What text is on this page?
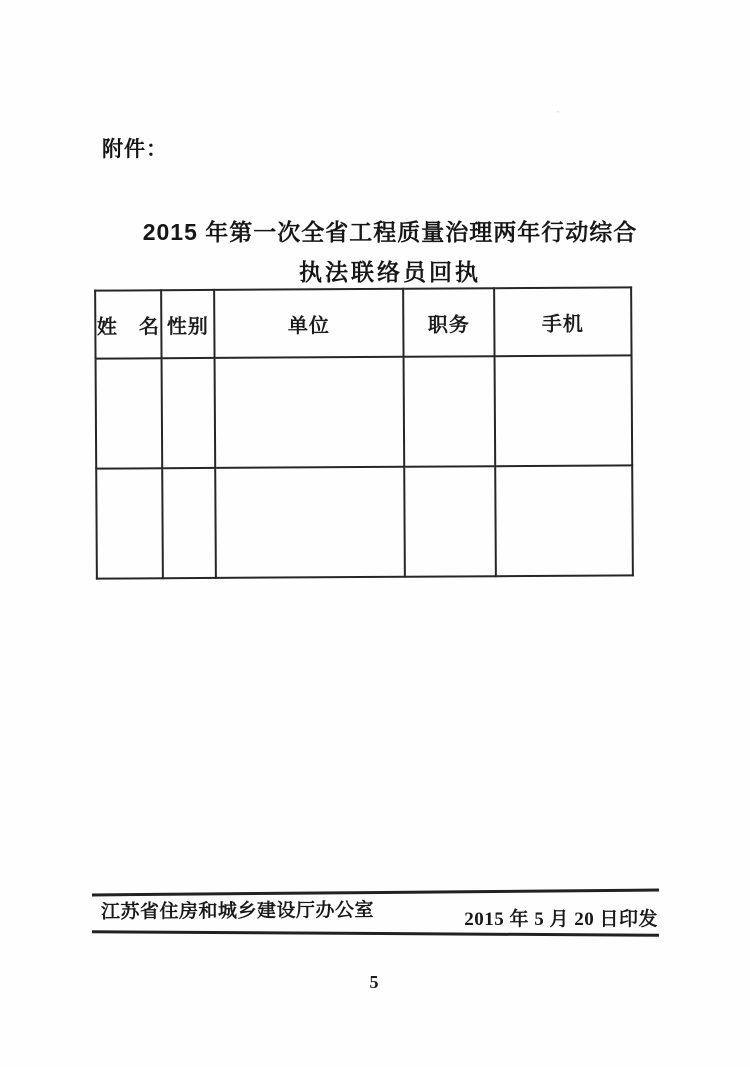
ᵔ
附件：
2015 年第一次全省工程质量治理两年行动综合
执法联络员回执
姓　名	性别	单位	职务	手机

江苏省住房和城乡建设厅办公室	2015 年 5 月 20 日印发
5
